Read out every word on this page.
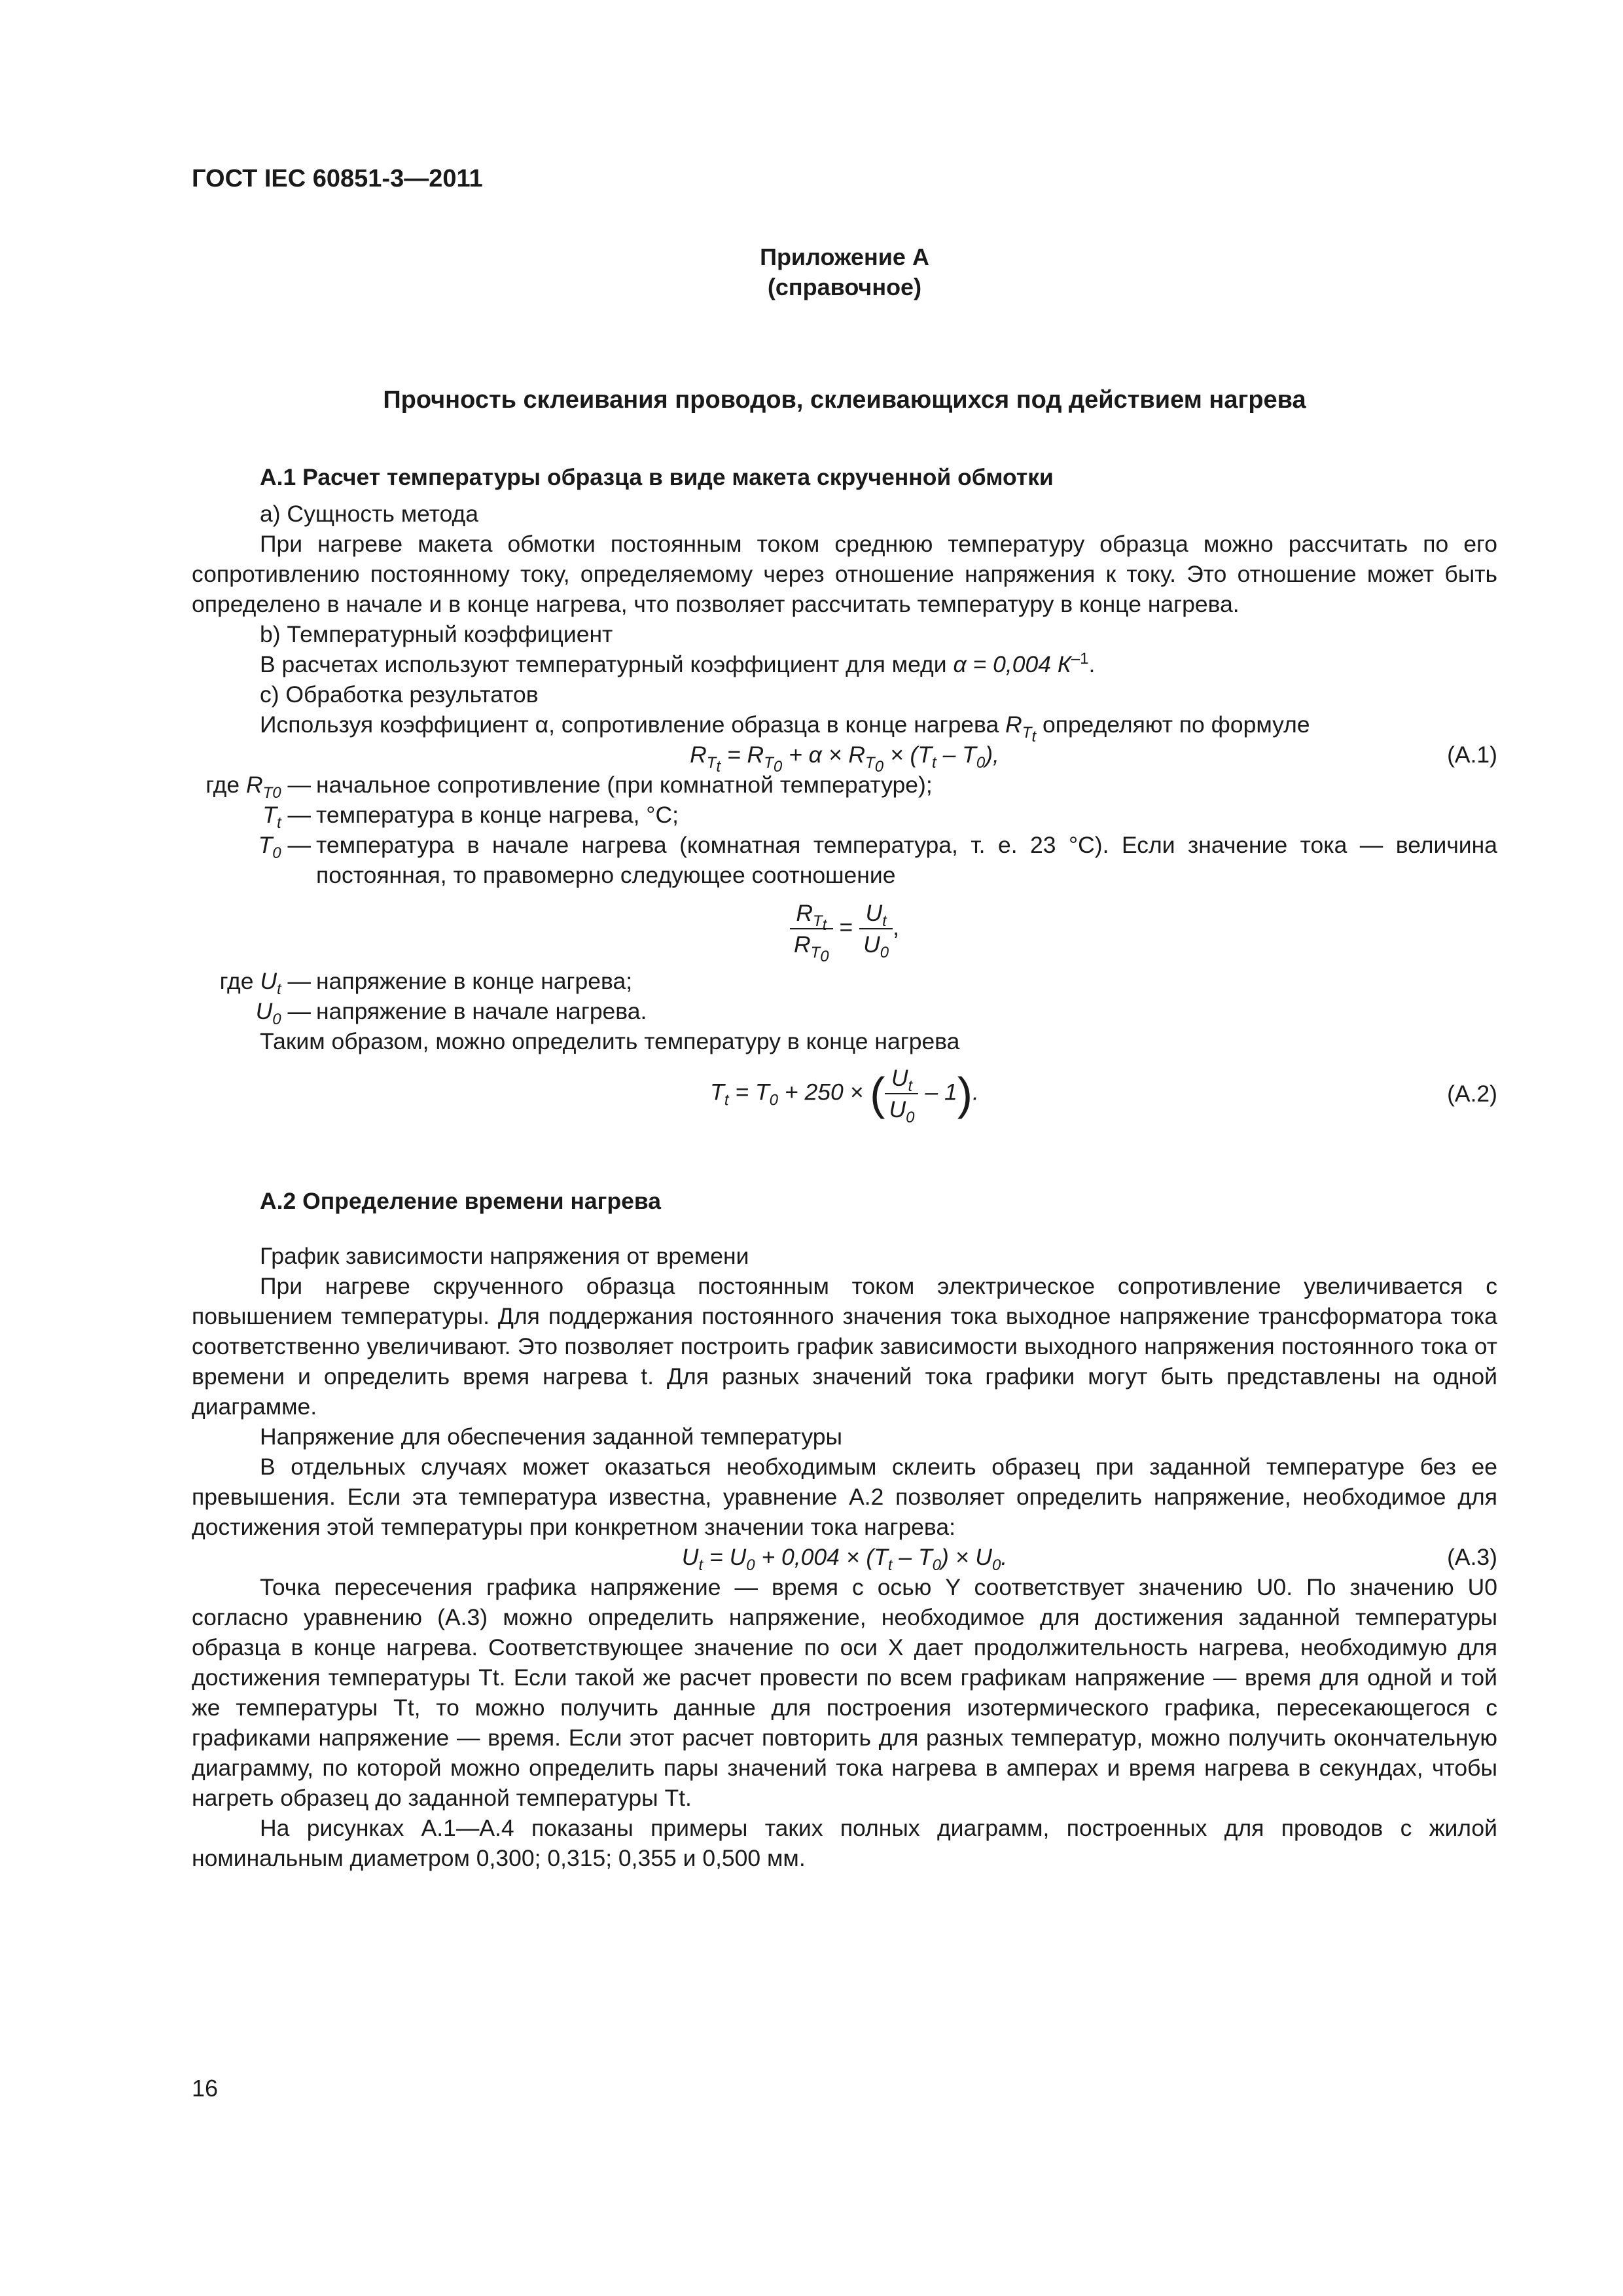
ГОСТ IEC 60851-3—2011
Приложение А
(справочное)
Прочность склеивания проводов, склеивающихся под действием нагрева
А.1 Расчет температуры образца в виде макета скрученной обмотки
а) Сущность метода

При нагреве макета обмотки постоянным током среднюю температуру образца можно рассчитать по его сопротивлению постоянному току, определяемому через отношение напряжения к току. Это отношение может быть определено в начале и в конце нагрева, что позволяет рассчитать температуру в конце нагрева.

b) Температурный коэффициент
В расчетах используют температурный коэффициент для меди α = 0,004 $К^{-1}$.
c) Обработка результатов
Используя коэффициент α, сопротивление образца в конце нагрева $R_{T_t}$ определяют по формуле
$R_{T_t} = R_{T_0} + \alpha \times R_{T_0} \times (T_t - T_0)$,	(А.1)
где $R_{T0}$ — начальное сопротивление (при комнатной температуре);
$T_t$ — температура в конце нагрева, °C;
$T_0$ — температура в начале нагрева (комнатная температура, т. е. 23 °C). Если значение тока — величина постоянная, то правомерно следующее соотношение
$\frac{R_{T_t}}{R_{T_0}} = \frac{U_t}{U_0}$ ,
где $U_t$ — напряжение в конце нагрева;
$U_0$ — напряжение в начале нагрева.
Таким образом, можно определить температуру в конце нагрева
$T_t = T_0 + 250$ × ( $\frac{U_t}{U_0} - 1$).	(А.2)
А.2 Определение времени нагрева
График зависимости напряжения от времени

При нагреве скрученного образца постоянным током электрическое сопротивление увеличивается с повышением температуры. Для поддержания постоянного значения тока выходное напряжение трансформатора тока соответственно увеличивают. Это позволяет построить график зависимости выходного напряжения постоянного тока от времени и определить время нагрева t. Для разных значений тока графики могут быть представлены на одной диаграмме.

Напряжение для обеспечения заданной температуры

В отдельных случаях может оказаться необходимым склеить образец при заданной температуре без ее превышения. Если эта температура известна, уравнение А.2 позволяет определить напряжение, необходимое для достижения этой температуры при конкретном значении тока нагрева:

$U_t = U_0 + 0,004 \times (T_t - T_0) \times U_0$.	(А.3)

Точка пересечения графика напряжение — время с осью Y соответствует значению U0. По значению U0 согласно уравнению (А.3) можно определить напряжение, необходимое для достижения заданной температуры образца в конце нагрева. Соответствующее значение по оси X дает продолжительность нагрева, необходимую для достижения температуры Tt. Если такой же расчет провести по всем графикам напряжение — время для одной и той же температуры Tt, то можно получить данные для построения изотермического графика, пересекающегося с графиками напряжение — время. Если этот расчет повторить для разных температур, можно получить окончательную диаграмму, по которой можно определить пары значений тока нагрева в амперах и время нагрева в секундах, чтобы нагреть образец до заданной температуры Tt.

На рисунках А.1—А.4 показаны примеры таких полных диаграмм, построенных для проводов с жилой номинальным диаметром 0,300; 0,315; 0,355 и 0,500 мм.

16
